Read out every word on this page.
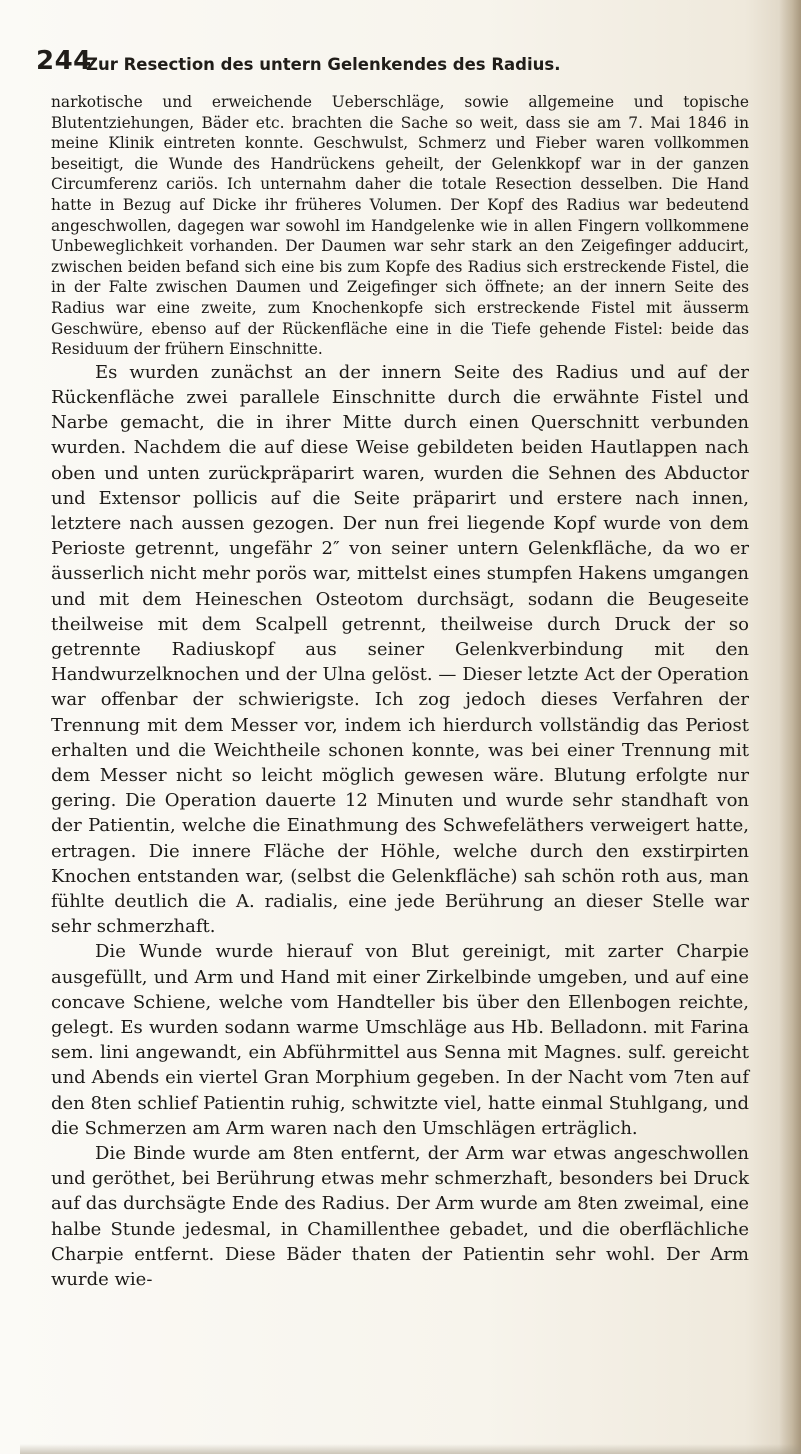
244
Zur Resection des untern Gelenkendes des Radius.

narkotische und erweichende Ueberschläge, sowie allgemeine und topische Blutentziehungen, Bäder etc. brachten die Sache so weit, dass sie am 7. Mai 1846 in meine Klinik eintreten konnte. Geschwulst, Schmerz und Fieber waren vollkommen beseitigt, die Wunde des Handrückens geheilt, der Gelenkkopf war in der ganzen Circumferenz cariös. Ich unternahm daher die totale Resection desselben. Die Hand hatte in Bezug auf Dicke ihr früheres Volumen. Der Kopf des Radius war bedeutend angeschwollen, dagegen war sowohl im Handgelenke wie in allen Fingern vollkommene Unbeweglichkeit vorhanden. Der Daumen war sehr stark an den Zeigefinger adducirt, zwischen beiden befand sich eine bis zum Kopfe des Radius sich erstreckende Fistel, die in der Falte zwischen Daumen und Zeigefinger sich öffnete; an der innern Seite des Radius war eine zweite, zum Knochenkopfe sich erstreckende Fistel mit äusserm Geschwüre, ebenso auf der Rückenfläche eine in die Tiefe gehende Fistel: beide das Residuum der frühern Einschnitte.

Es wurden zunächst an der innern Seite des Radius und auf der Rückenfläche zwei parallele Einschnitte durch die erwähnte Fistel und Narbe gemacht, die in ihrer Mitte durch einen Querschnitt verbunden wurden. Nachdem die auf diese Weise gebildeten beiden Hautlappen nach oben und unten zurückpräparirt waren, wurden die Sehnen des Abductor und Extensor pollicis auf die Seite präparirt und erstere nach innen, letztere nach aussen gezogen. Der nun frei liegende Kopf wurde von dem Perioste getrennt, ungefähr 2″ von seiner untern Gelenkfläche, da wo er äusserlich nicht mehr porös war, mittelst eines stumpfen Hakens umgangen und mit dem Heineschen Osteotom durchsägt, sodann die Beugeseite theilweise mit dem Scalpell getrennt, theilweise durch Druck der so getrennte Radiuskopf aus seiner Gelenkverbindung mit den Handwurzelknochen und der Ulna gelöst. — Dieser letzte Act der Operation war offenbar der schwierigste. Ich zog jedoch dieses Verfahren der Trennung mit dem Messer vor, indem ich hierdurch vollständig das Periost erhalten und die Weichtheile schonen konnte, was bei einer Trennung mit dem Messer nicht so leicht möglich gewesen wäre. Blutung erfolgte nur gering. Die Operation dauerte 12 Minuten und wurde sehr standhaft von der Patientin, welche die Einathmung des Schwefeläthers verweigert hatte, ertragen. Die innere Fläche der Höhle, welche durch den exstirpirten Knochen entstanden war, (selbst die Gelenkfläche) sah schön roth aus, man fühlte deutlich die A. radialis, eine jede Berührung an dieser Stelle war sehr schmerzhaft.

Die Wunde wurde hierauf von Blut gereinigt, mit zarter Charpie ausgefüllt, und Arm und Hand mit einer Zirkelbinde umgeben, und auf eine concave Schiene, welche vom Handteller bis über den Ellenbogen reichte, gelegt. Es wurden sodann warme Umschläge aus Hb. Belladonn. mit Farina sem. lini angewandt, ein Abführmittel aus Senna mit Magnes. sulf. gereicht und Abends ein viertel Gran Morphium gegeben. In der Nacht vom 7ten auf den 8ten schlief Patientin ruhig, schwitzte viel, hatte einmal Stuhlgang, und die Schmerzen am Arm waren nach den Umschlägen erträglich.

Die Binde wurde am 8ten entfernt, der Arm war etwas angeschwollen und geröthet, bei Berührung etwas mehr schmerzhaft, besonders bei Druck auf das durchsägte Ende des Radius. Der Arm wurde am 8ten zweimal, eine halbe Stunde jedesmal, in Chamillenthee gebadet, und die oberflächliche Charpie entfernt. Diese Bäder thaten der Patientin sehr wohl. Der Arm wurde wie-
